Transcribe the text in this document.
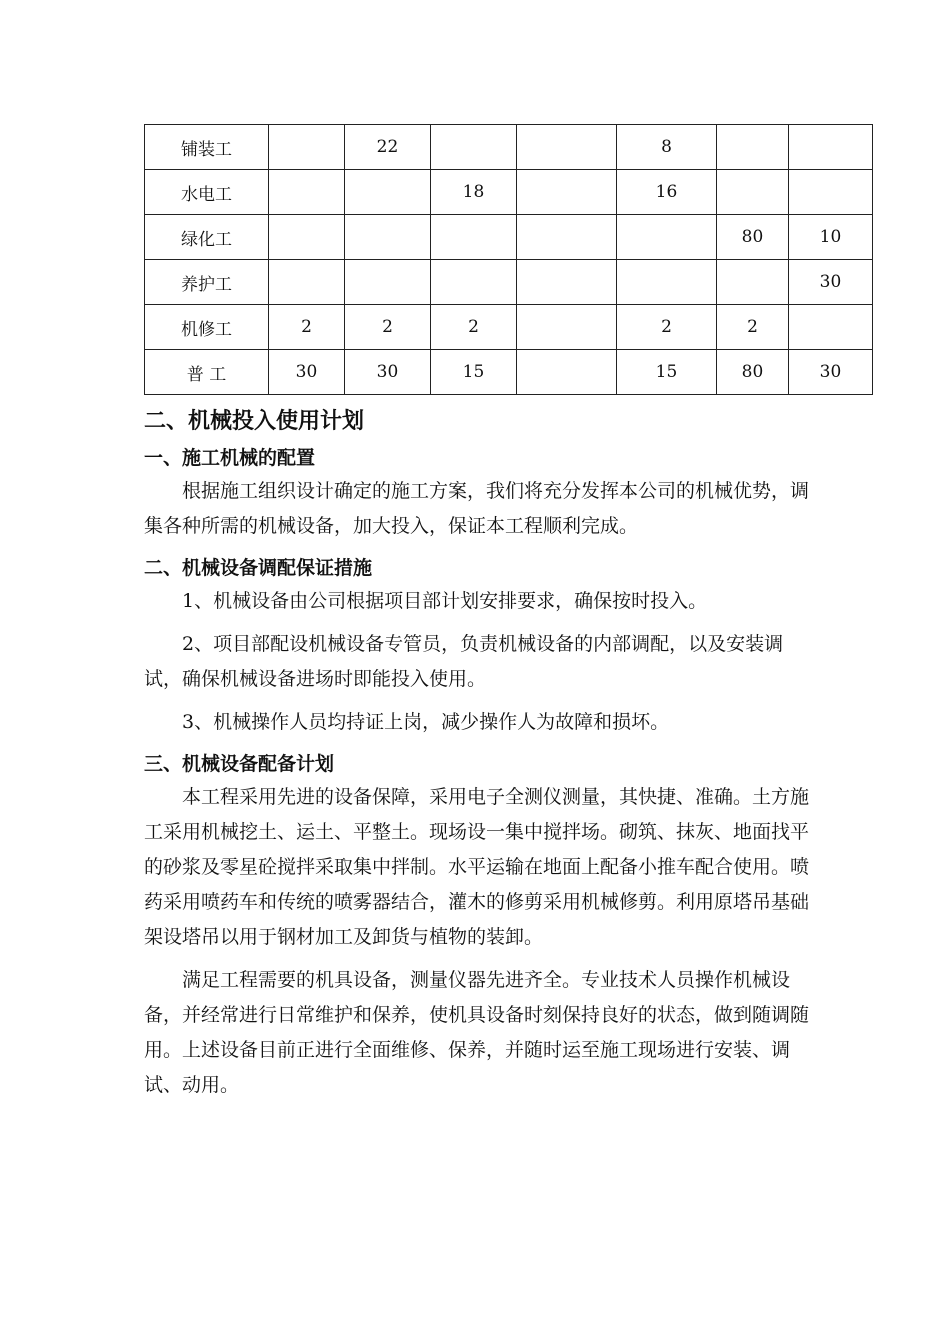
铺装工		22			8		
水电工			18		16		
绿化工						80	10
养护工							30
机修工	2	2	2		2	2	
普 工	30	30	15		15	80	30
二、机械投入使用计划
一、施工机械的配置

根据施工组织设计确定的施工方案，我们将充分发挥本公司的机械优势，调集各种所需的机械设备，加大投入，保证本工程顺利完成。

二、机械设备调配保证措施

1、机械设备由公司根据项目部计划安排要求，确保按时投入。

2、项目部配设机械设备专管员，负责机械设备的内部调配，以及安装调试，确保机械设备进场时即能投入使用。

3、机械操作人员均持证上岗，减少操作人为故障和损坏。

三、机械设备配备计划

本工程采用先进的设备保障，采用电子全测仪测量，其快捷、准确。土方施工采用机械挖土、运土、平整土。现场设一集中搅拌场。砌筑、抹灰、地面找平的砂浆及零星砼搅拌采取集中拌制。水平运输在地面上配备小推车配合使用。喷药采用喷药车和传统的喷雾器结合，灌木的修剪采用机械修剪。利用原塔吊基础架设塔吊以用于钢材加工及卸货与植物的装卸。

满足工程需要的机具设备，测量仪器先进齐全。专业技术人员操作机械设备，并经常进行日常维护和保养，使机具设备时刻保持良好的状态，做到随调随用。上述设备目前正进行全面维修、保养，并随时运至施工现场进行安装、调试、动用。
